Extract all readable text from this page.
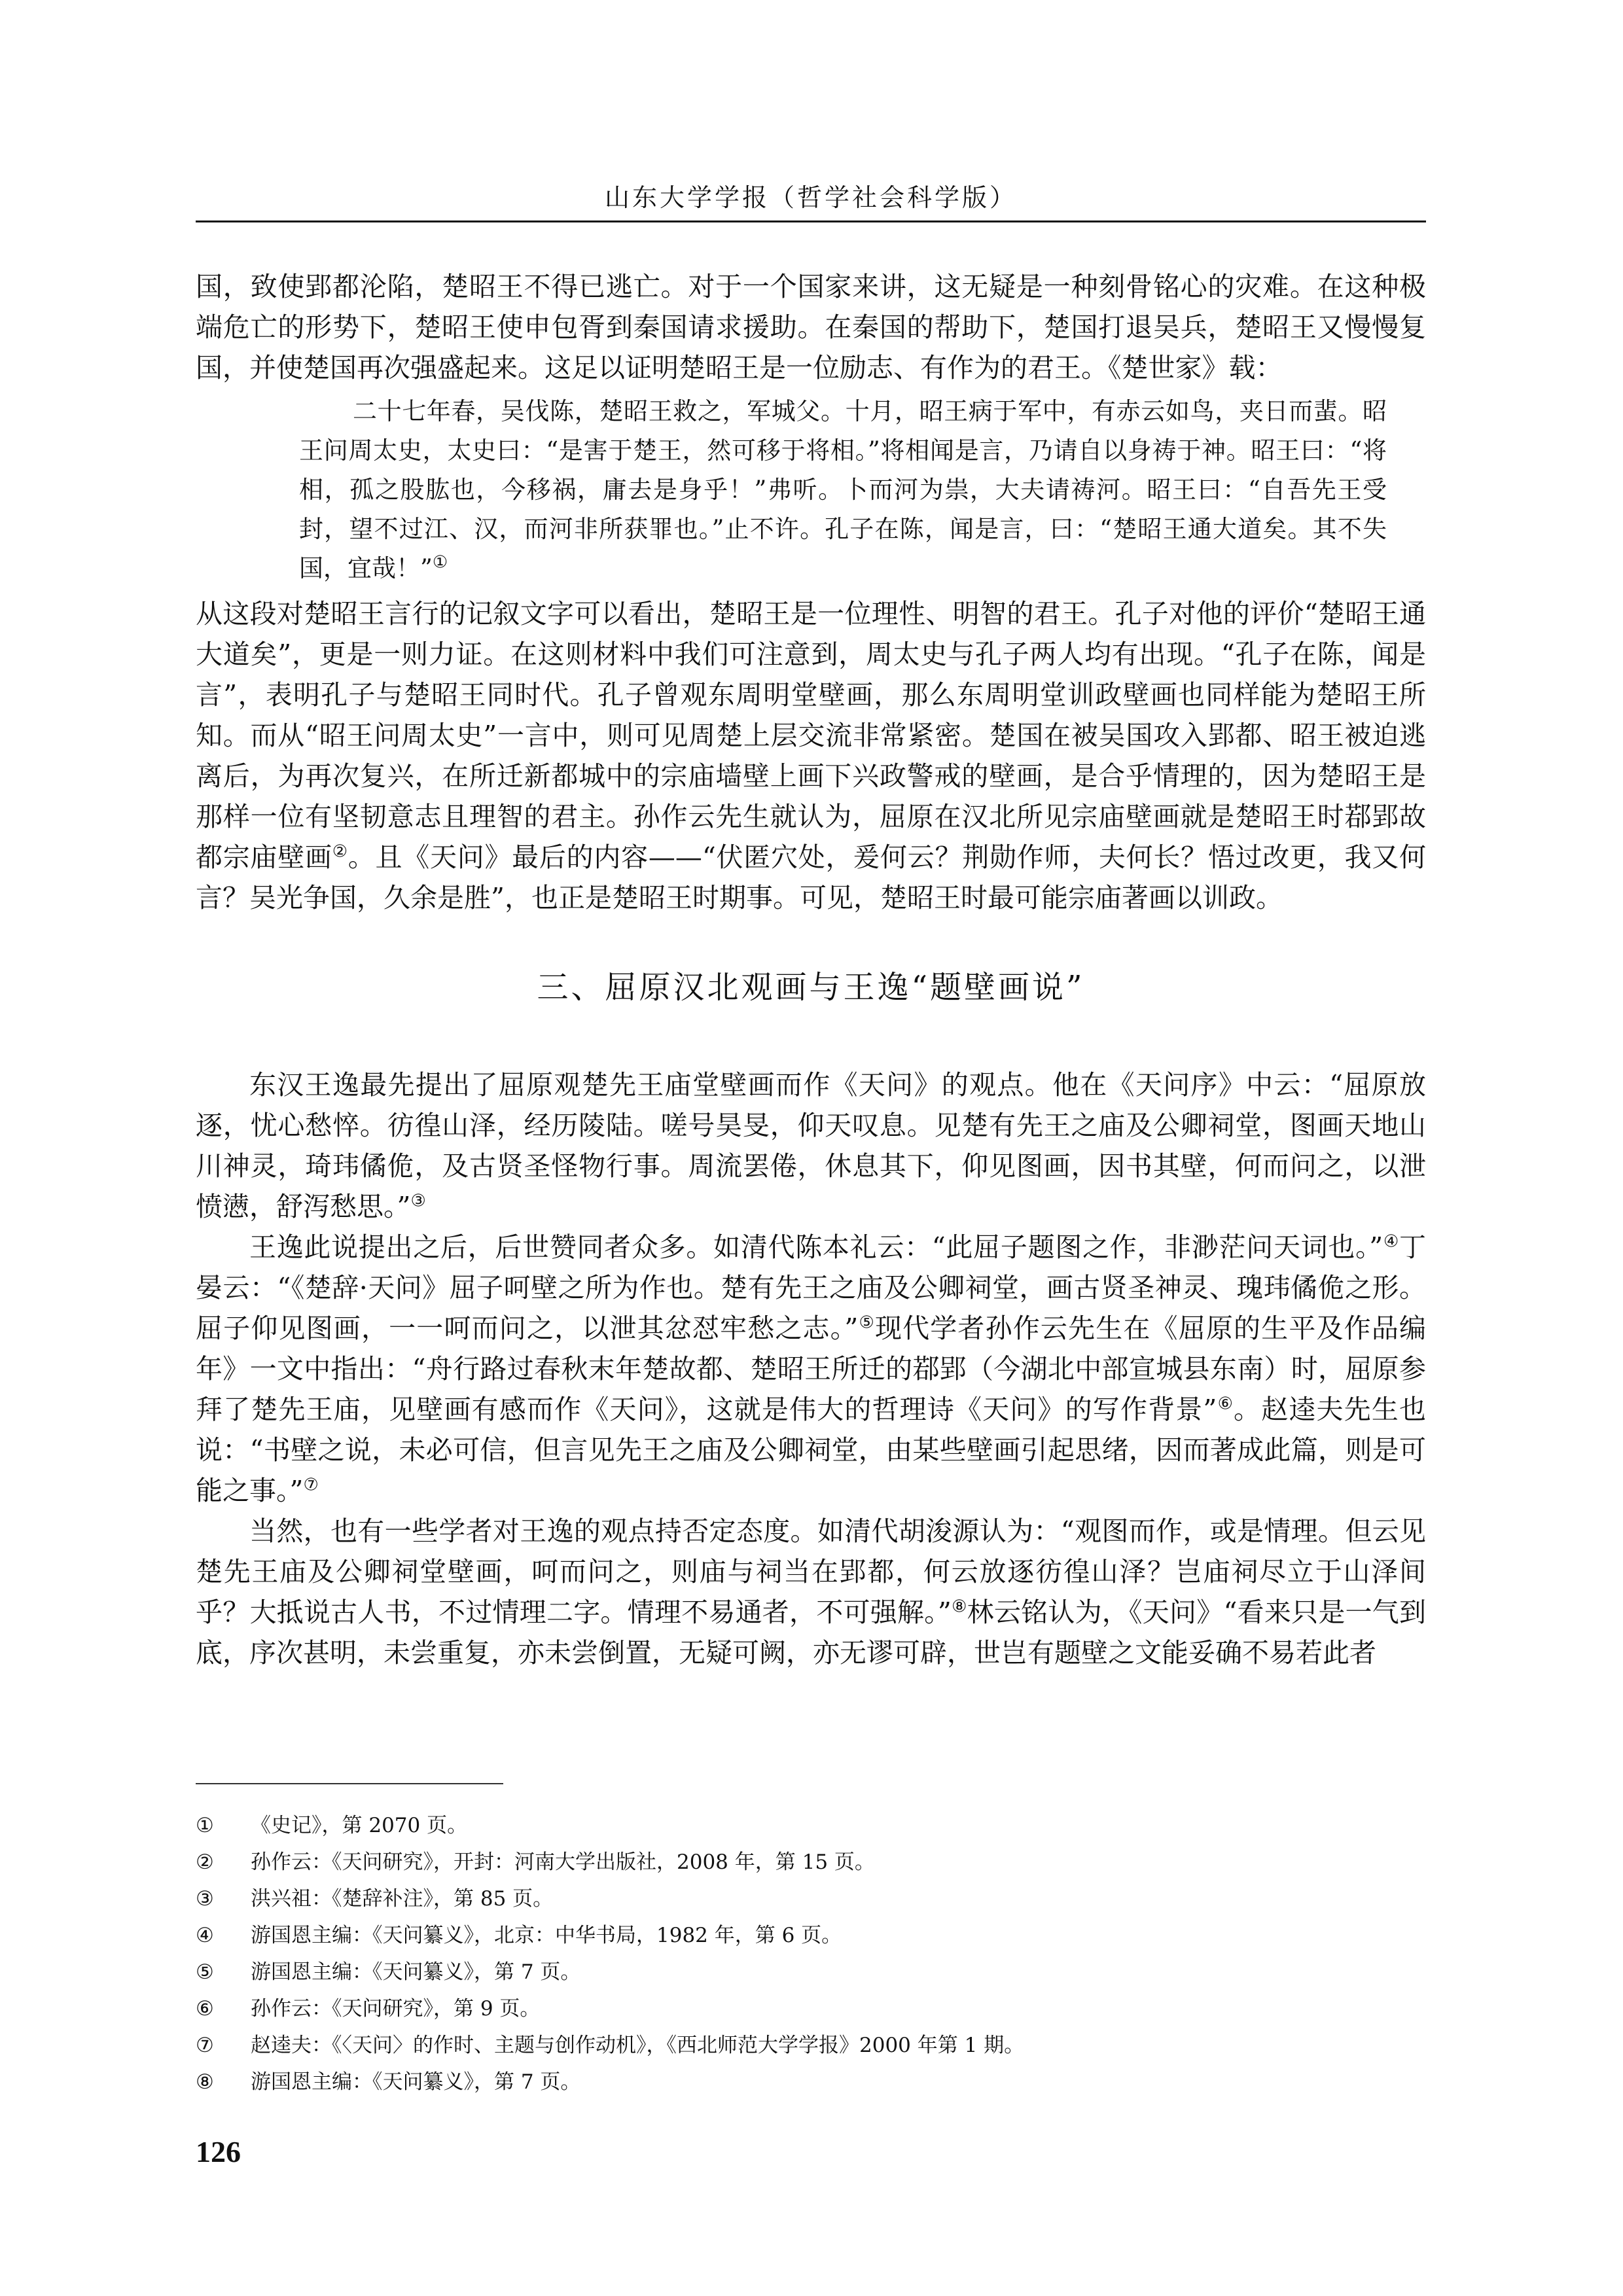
山东大学学报（哲学社会科学版）

国，致使郢都沦陷，楚昭王不得已逃亡。对于一个国家来讲，这无疑是一种刻骨铭心的灾难。在这种极端危亡的形势下，楚昭王使申包胥到秦国请求援助。在秦国的帮助下，楚国打退吴兵，楚昭王又慢慢复国，并使楚国再次强盛起来。这足以证明楚昭王是一位励志、有作为的君王。《楚世家》载：

二十七年春，吴伐陈，楚昭王救之，军城父。十月，昭王病于军中，有赤云如鸟，夹日而蜚。昭王问周太史，太史曰：“是害于楚王，然可移于将相。”将相闻是言，乃请自以身祷于神。昭王曰：“将相，孤之股肱也，今移祸，庸去是身乎！”弗听。卜而河为祟，大夫请祷河。昭王曰：“自吾先王受封，望不过江、汉，而河非所获罪也。”止不许。孔子在陈，闻是言，曰：“楚昭王通大道矣。其不失国，宜哉！”①

从这段对楚昭王言行的记叙文字可以看出，楚昭王是一位理性、明智的君王。孔子对他的评价“楚昭王通大道矣”，更是一则力证。在这则材料中我们可注意到，周太史与孔子两人均有出现。“孔子在陈，闻是言”，表明孔子与楚昭王同时代。孔子曾观东周明堂壁画，那么东周明堂训政壁画也同样能为楚昭王所知。而从“昭王问周太史”一言中，则可见周楚上层交流非常紧密。楚国在被吴国攻入郢都、昭王被迫逃离后，为再次复兴，在所迁新都城中的宗庙墙壁上画下兴政警戒的壁画，是合乎情理的，因为楚昭王是那样一位有坚韧意志且理智的君主。孙作云先生就认为，屈原在汉北所见宗庙壁画就是楚昭王时鄀郢故都宗庙壁画②。且《天问》最后的内容——“伏匿穴处，爰何云？荆勋作师，夫何长？悟过改更，我又何言？吴光争国，久余是胜”，也正是楚昭王时期事。可见，楚昭王时最可能宗庙著画以训政。

三、屈原汉北观画与王逸“题壁画说”

东汉王逸最先提出了屈原观楚先王庙堂壁画而作《天问》的观点。他在《天问序》中云：“屈原放逐，忧心愁悴。彷徨山泽，经历陵陆。嗟号昊旻，仰天叹息。见楚有先王之庙及公卿祠堂，图画天地山川神灵，琦玮僪佹，及古贤圣怪物行事。周流罢倦，休息其下，仰见图画，因书其壁，何而问之，以泄愤懑，舒泻愁思。”③

王逸此说提出之后，后世赞同者众多。如清代陈本礼云：“此屈子题图之作，非渺茫问天词也。”④丁晏云：“《楚辞·天问》屈子呵壁之所为作也。楚有先王之庙及公卿祠堂，画古贤圣神灵、瑰玮僪佹之形。屈子仰见图画，一一呵而问之，以泄其忿怼牢愁之志。”⑤现代学者孙作云先生在《屈原的生平及作品编年》一文中指出：“舟行路过春秋末年楚故都、楚昭王所迁的鄀郢（今湖北中部宣城县东南）时，屈原参拜了楚先王庙，见壁画有感而作《天问》，这就是伟大的哲理诗《天问》的写作背景”⑥。赵逵夫先生也说：“书壁之说，未必可信，但言见先王之庙及公卿祠堂，由某些壁画引起思绪，因而著成此篇，则是可能之事。”⑦

当然，也有一些学者对王逸的观点持否定态度。如清代胡浚源认为：“观图而作，或是情理。但云见楚先王庙及公卿祠堂壁画，呵而问之，则庙与祠当在郢都，何云放逐彷徨山泽？岂庙祠尽立于山泽间乎？大抵说古人书，不过情理二字。情理不易通者，不可强解。”⑧林云铭认为，《天问》“看来只是一气到底，序次甚明，未尝重复，亦未尝倒置，无疑可阙，亦无谬可辟，世岂有题壁之文能妥确不易若此者

①	《史记》，第 2070 页。
②	孙作云：《天问研究》，开封：河南大学出版社，2008 年，第 15 页。
③	洪兴祖：《楚辞补注》，第 85 页。
④	游国恩主编：《天问纂义》，北京：中华书局，1982 年，第 6 页。
⑤	游国恩主编：《天问纂义》，第 7 页。
⑥	孙作云：《天问研究》，第 9 页。
⑦	赵逵夫：《〈天问〉的作时、主题与创作动机》，《西北师范大学学报》2000 年第 1 期。
⑧	游国恩主编：《天问纂义》，第 7 页。
126
